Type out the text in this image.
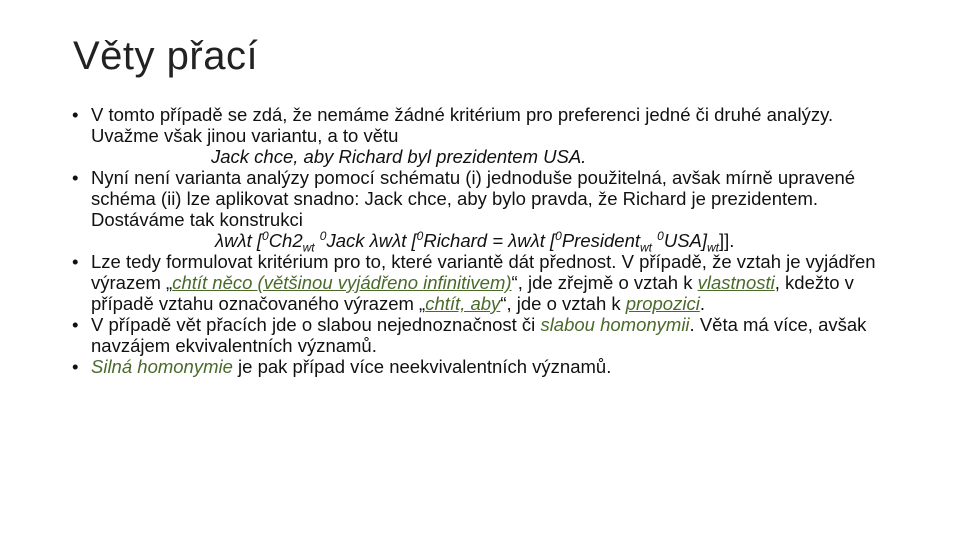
Věty přací
• V tomto případě se zdá, že nemáme žádné kritérium pro preferenci jedné či druhé analýzy. Uvažme však jinou variantu, a to větu
Jack chce, aby Richard byl prezidentem USA.
• Nyní není varianta analýzy pomocí schématu (i) jednoduše použitelná, avšak mírně upravené schéma (ii) lze aplikovat snadno: Jack chce, aby bylo pravda, že Richard je prezidentem. Dostáváme tak konstrukci
λwλt [$^0Ch2_{wt}$ $^0$Jack λwλt [$^0$Richard = λwλt [$^0$President$_{wt}$ $^0USA]_{wt}$]].
• Lze tedy formulovat kritérium pro to, které variantě dát přednost. V případě, že vztah je vyjádřen výrazem „chtít něco (většinou vyjádřeno infinitivem)“, jde zřejmě o vztah k vlastnosti, kdežto v případě vztahu označovaného výrazem „chtít, aby“, jde o vztah k propozici.
• V případě vět přacích jde o slabou nejednoznačnost či slabou homonymii. Věta má více, avšak navzájem ekvivalentních významů.
• Silná homonymie je pak případ více neekvivalentních významů.
